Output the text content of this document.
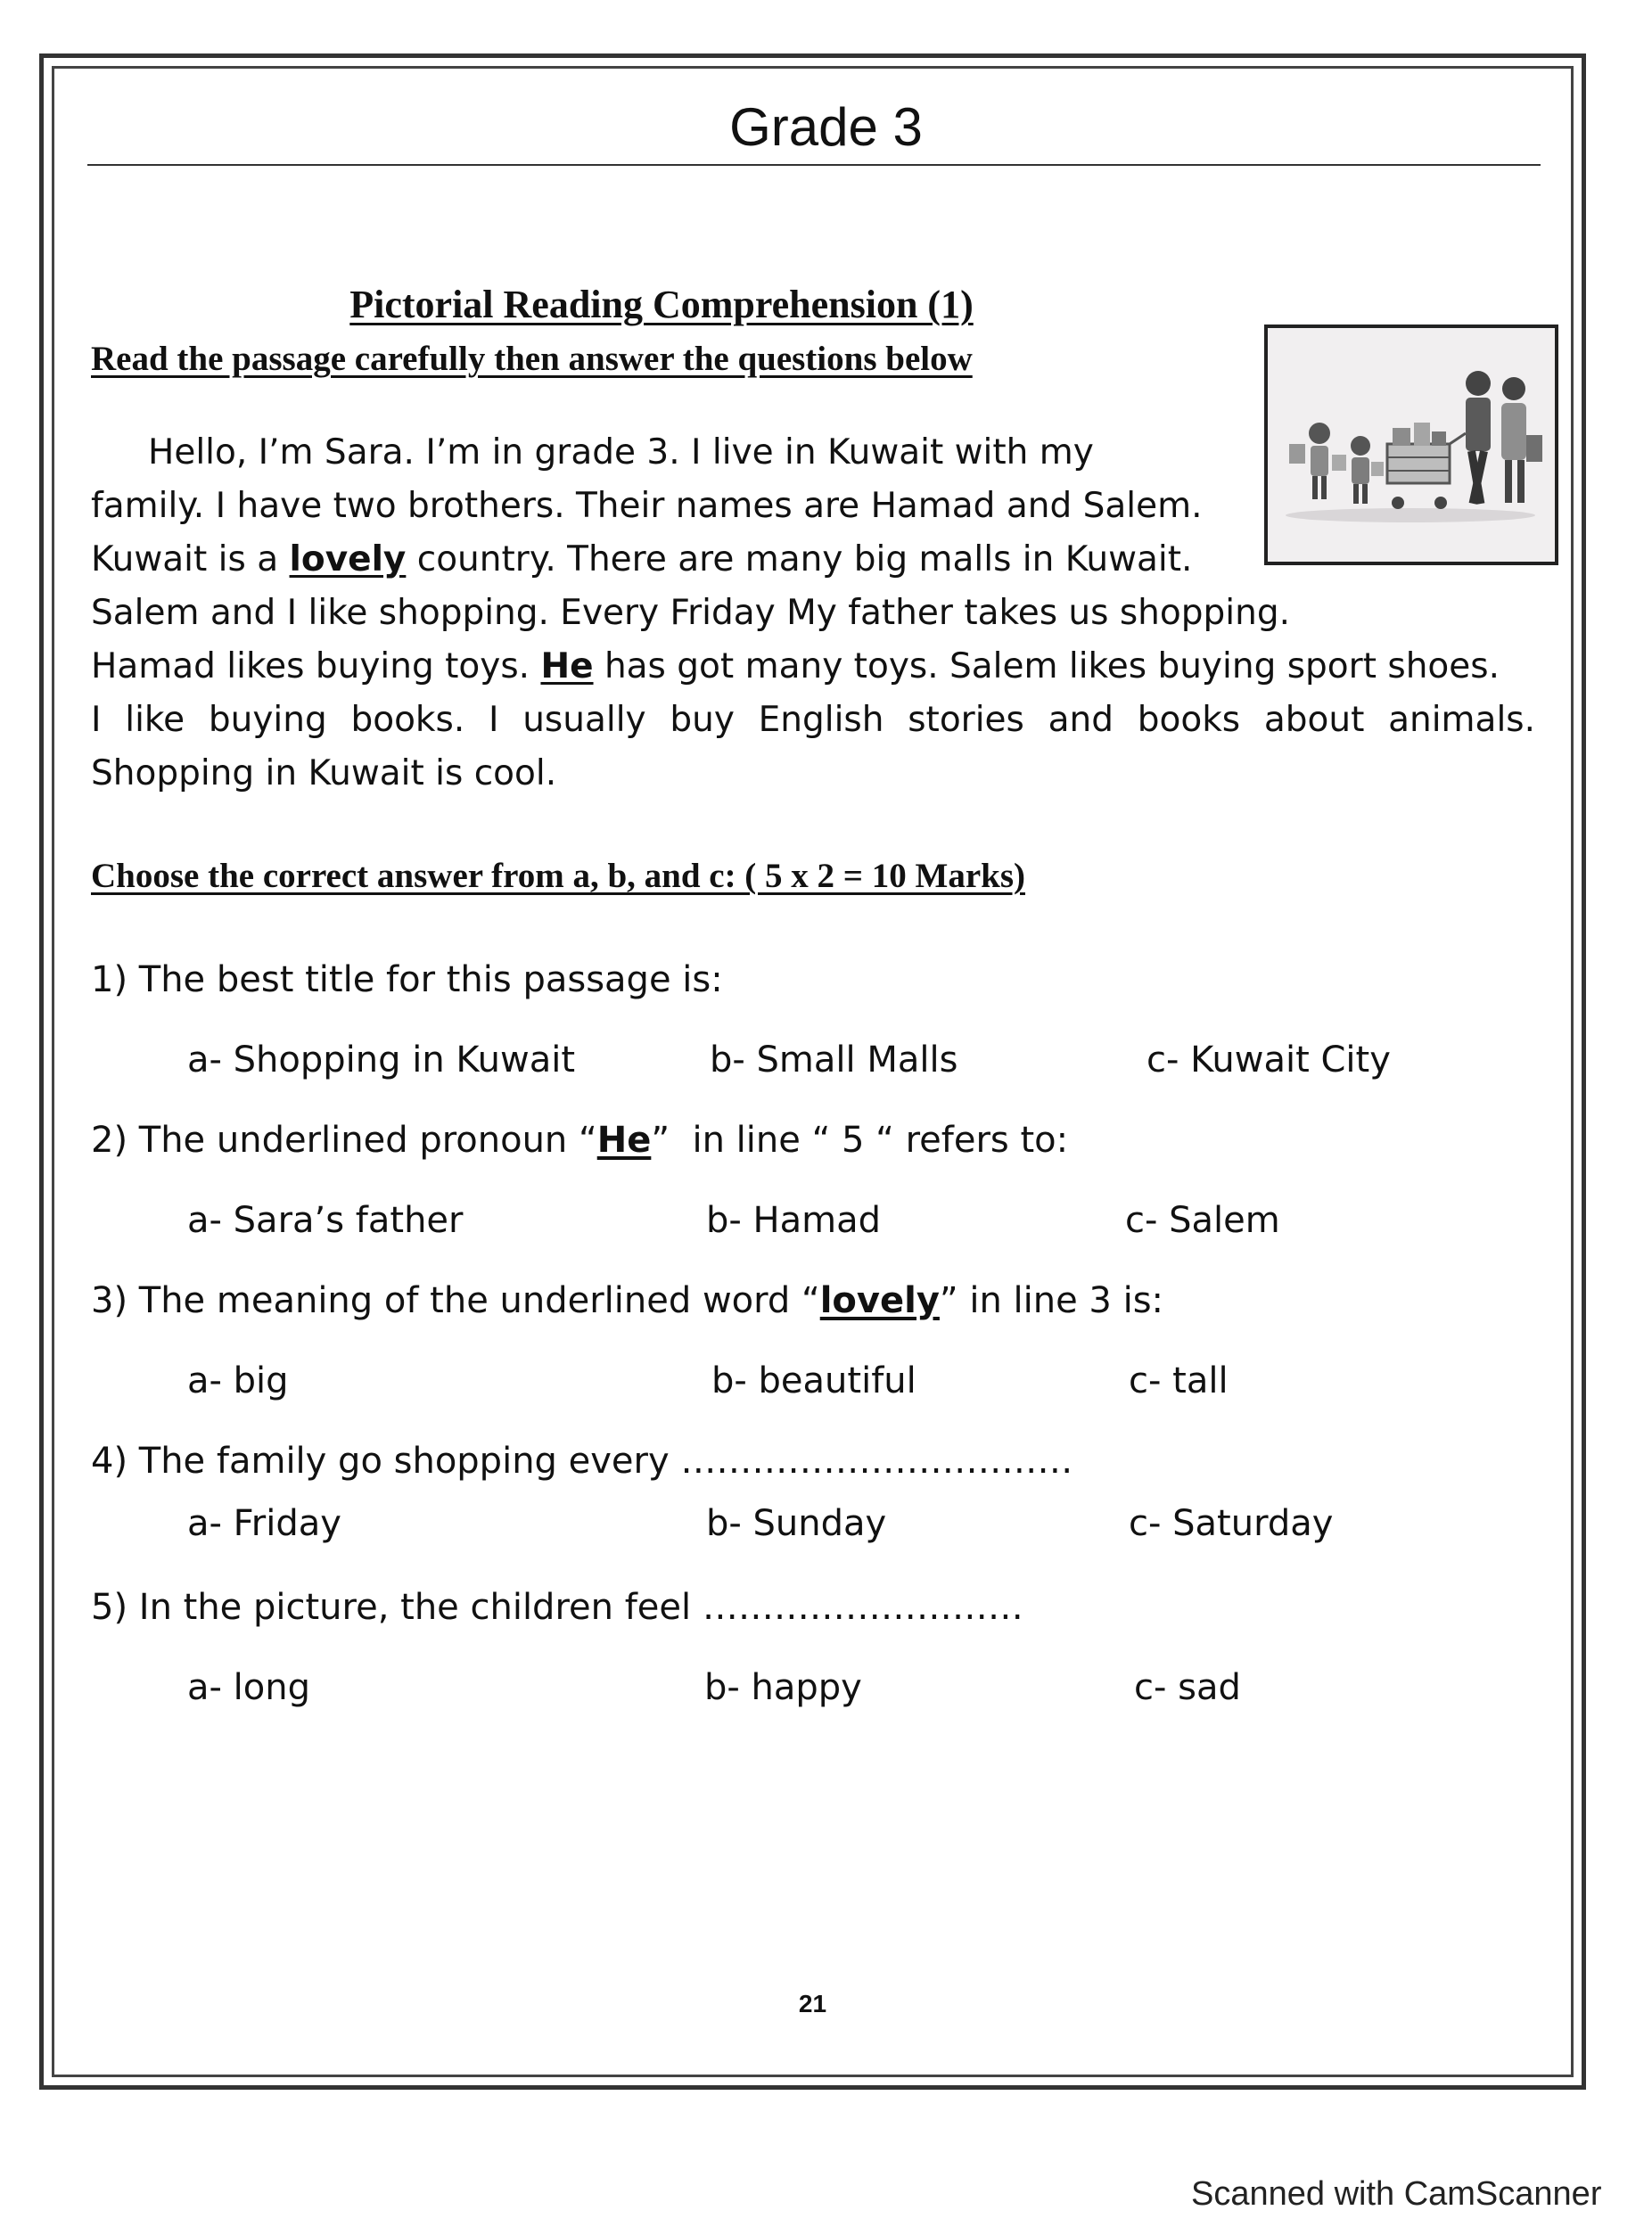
Grade 3
Pictorial Reading Comprehension (1)
Read the passage carefully then answer the questions below
Hello, I’m Sara. I’m in grade 3. I live in Kuwait with my
family. I have two brothers. Their names are Hamad and Salem.
Kuwait is a lovely country. There are many big malls in Kuwait.
Salem and I like shopping. Every Friday My father takes us shopping.
Hamad likes buying toys. He has got many toys. Salem likes buying sport shoes.
I like buying books. I usually buy English stories and books about animals.
Shopping in Kuwait is cool.
Choose the correct answer from a, b, and c: ( 5 x 2 = 10 Marks)
1) The best title for this passage is:
a- Shopping in Kuwait	b- Small Malls	c- Kuwait City
2) The underlined pronoun “He”  in line “ 5 “ refers to:
a- Sara’s father	b- Hamad	c- Salem
3) The meaning of the underlined word “lovely” in line 3 is:
a- big	b- beautiful	c- tall
4) The family go shopping every ……………………………
a- Friday	b- Sunday	c- Saturday
5) In the picture, the children feel ………………………
a- long	b- happy	c- sad
21
Scanned with CamScanner
